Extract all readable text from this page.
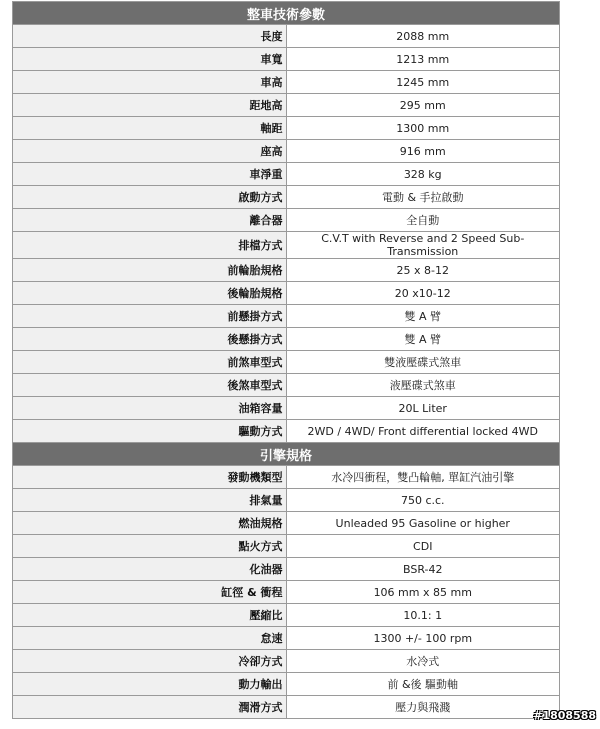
整車技術參數	
長度	2088 mm
車寬	1213 mm
車高	1245 mm
距地高	295 mm
軸距	1300 mm
座高	916 mm
車淨重	328 kg
啟動方式	電動 & 手拉啟動
離合器	全自動
排檔方式	C.V.T with Reverse and 2 Speed Sub-Transmission
前輪胎規格	25 x 8-12
後輪胎規格	20 x10-12
前懸掛方式	雙 A 臂
後懸掛方式	雙 A 臂
前煞車型式	雙液壓碟式煞車
後煞車型式	液壓碟式煞車
油箱容量	20L Liter
驅動方式	2WD / 4WD/ Front differential locked 4WD
引擎規格	
發動機類型	水冷四衝程，雙凸輪軸, 單缸汽油引擎
排氣量	750 c.c.
燃油規格	Unleaded 95 Gasoline or higher
點火方式	CDI
化油器	BSR-42
缸徑 & 衝程	106 mm x 85 mm
壓縮比	10.1: 1
怠速	1300 +/- 100 rpm
冷卻方式	水冷式
動力輸出	前 &後 驅動軸
潤滑方式	壓力與飛濺
#1808588
